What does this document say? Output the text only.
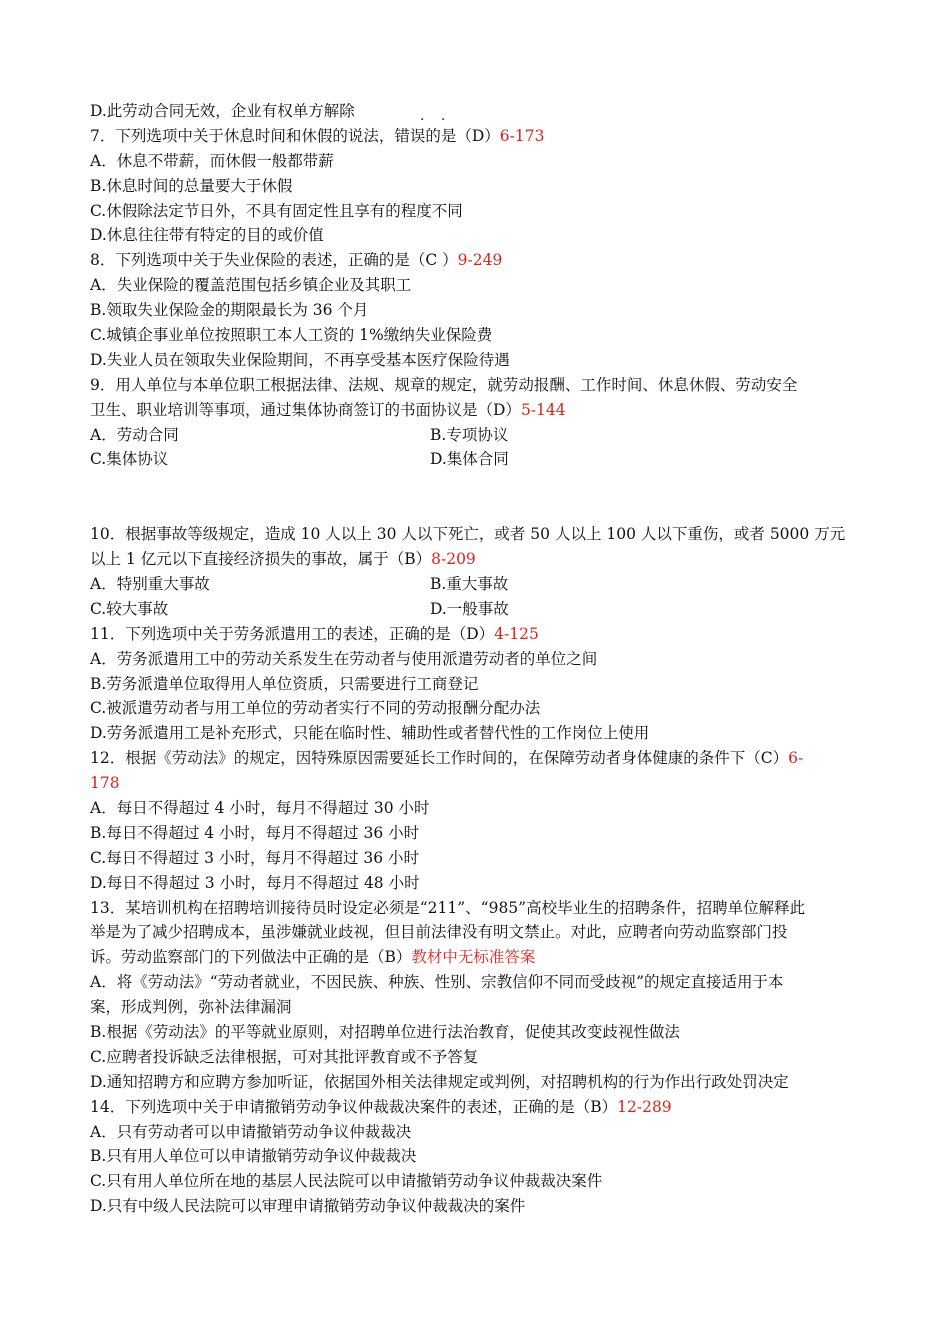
. .
D.此劳动合同无效，企业有权单方解除
7．下列选项中关于休息时间和休假的说法，错误的是（D）6-173
A．休息不带薪，而休假一般都带薪
B.休息时间的总量要大于休假
C.休假除法定节日外，不具有固定性且享有的程度不同
D.休息往往带有特定的目的或价值
8．下列选项中关于失业保险的表述，正确的是（C ）9-249
A．失业保险的覆盖范围包括乡镇企业及其职工
B.领取失业保险金的期限最长为 36 个月
C.城镇企事业单位按照职工本人工资的 1%缴纳失业保险费
D.失业人员在领取失业保险期间，不再享受基本医疗保险待遇
9．用人单位与本单位职工根据法律、法规、规章的规定，就劳动报酬、工作时间、休息休假、劳动安全
卫生、职业培训等事项，通过集体协商签订的书面协议是（D）5-144
A．劳动合同	B.专项协议
C.集体协议	D.集体合同
10．根据事故等级规定，造成 10 人以上 30 人以下死亡，或者 50 人以上 100 人以下重伤，或者 5000 万元
以上 1 亿元以下直接经济损失的事故，属于（B）8-209
A．特别重大事故	B.重大事故
C.较大事故	D.一般事故
11．下列选项中关于劳务派遣用工的表述，正确的是（D）4-125
A．劳务派遣用工中的劳动关系发生在劳动者与使用派遣劳动者的单位之间
B.劳务派遣单位取得用人单位资质，只需要进行工商登记
C.被派遣劳动者与用工单位的劳动者实行不同的劳动报酬分配办法
D.劳务派遣用工是补充形式，只能在临时性、辅助性或者替代性的工作岗位上使用
12．根据《劳动法》的规定，因特殊原因需要延长工作时间的，在保障劳动者身体健康的条件下（C）6-
178
A．每日不得超过 4 小时，每月不得超过 30 小时
B.每日不得超过 4 小时，每月不得超过 36 小时
C.每日不得超过 3 小时，每月不得超过 36 小时
D.每日不得超过 3 小时，每月不得超过 48 小时
13．某培训机构在招聘培训接待员时设定必须是“211”、“985”高校毕业生的招聘条件，招聘单位解释此
举是为了减少招聘成本，虽涉嫌就业歧视，但目前法律没有明文禁止。对此，应聘者向劳动监察部门投
诉。劳动监察部门的下列做法中正确的是（B）教材中无标准答案
A．将《劳动法》“劳动者就业，不因民族、种族、性别、宗教信仰不同而受歧视”的规定直接适用于本
案，形成判例，弥补法律漏洞
B.根据《劳动法》的平等就业原则，对招聘单位进行法治教育，促使其改变歧视性做法
C.应聘者投诉缺乏法律根据，可对其批评教育或不予答复
D.通知招聘方和应聘方参加听证，依据国外相关法律规定或判例，对招聘机构的行为作出行政处罚决定
14．下列选项中关于申请撤销劳动争议仲裁裁决案件的表述，正确的是（B）12-289
A．只有劳动者可以申请撤销劳动争议仲裁裁决
B.只有用人单位可以申请撤销劳动争议仲裁裁决
C.只有用人单位所在地的基层人民法院可以申请撤销劳动争议仲裁裁决案件
D.只有中级人民法院可以审理申请撤销劳动争议仲裁裁决的案件
